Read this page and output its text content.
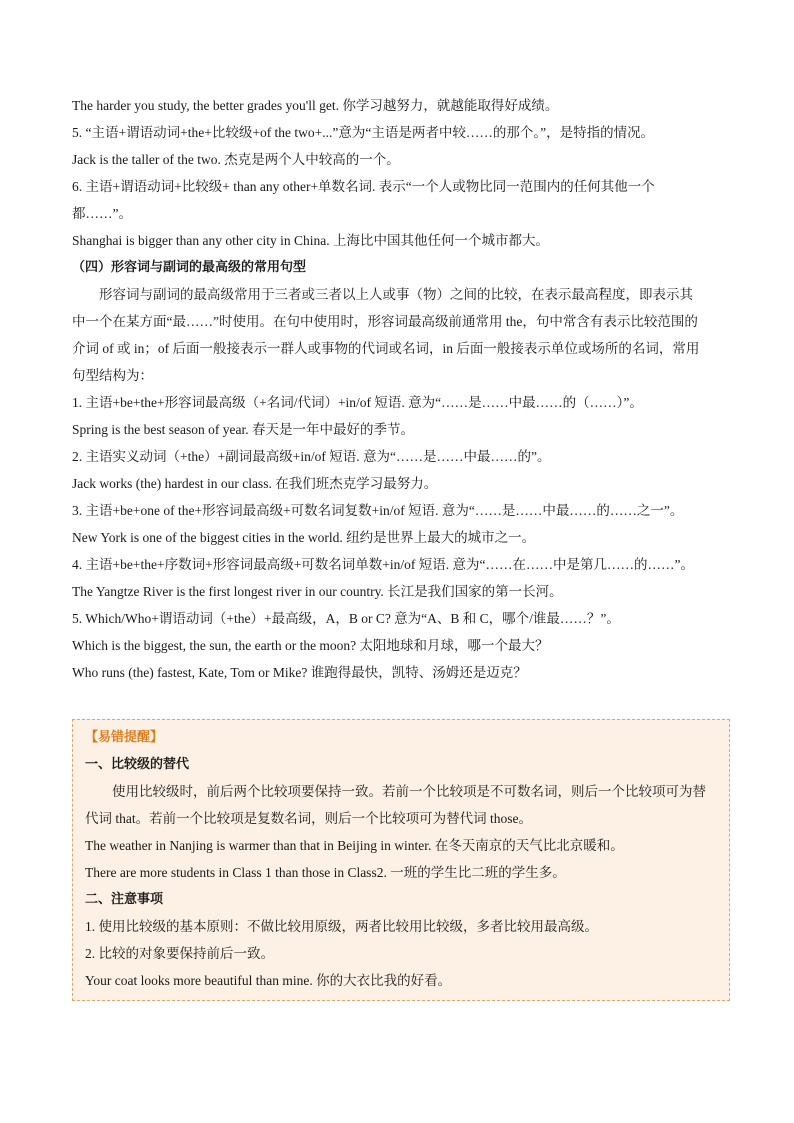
The harder you study, the better grades you'll get. 你学习越努力，就越能取得好成绩。
5. “主语+谓语动词+the+比较级+of the two+...”意为“主语是两者中较……的那个。”，是特指的情况。
Jack is the taller of the two. 杰克是两个人中较高的一个。
6. 主语+谓语动词+比较级+ than any other+单数名词. 表示“一个人或物比同一范围内的任何其他一个
都……”。
Shanghai is bigger than any other city in China. 上海比中国其他任何一个城市都大。
（四）形容词与副词的最高级的常用句型
形容词与副词的最高级常用于三者或三者以上人或事（物）之间的比较，在表示最高程度，即表示其
中一个在某方面“最……”时使用。在句中使用时，形容词最高级前通常用 the，句中常含有表示比较范围的
介词 of 或 in；of 后面一般接表示一群人或事物的代词或名词，in 后面一般接表示单位或场所的名词，常用
句型结构为：
1. 主语+be+the+形容词最高级（+名词/代词）+in/of 短语. 意为“……是……中最……的（……）”。
Spring is the best season of year. 春天是一年中最好的季节。
2. 主语实义动词（+the）+副词最高级+in/of 短语. 意为“……是……中最……的”。
Jack works (the) hardest in our class. 在我们班杰克学习最努力。
3. 主语+be+one of the+形容词最高级+可数名词复数+in/of 短语. 意为“……是……中最……的……之一”。
New York is one of the biggest cities in the world. 纽约是世界上最大的城市之一。
4. 主语+be+the+序数词+形容词最高级+可数名词单数+in/of 短语. 意为“……在……中是第几……的……”。
The Yangtze River is the first longest river in our country. 长江是我们国家的第一长河。
5. Which/Who+谓语动词（+the）+最高级，A，B or C? 意为“A、B 和 C，哪个/谁最……？”。
Which is the biggest, the sun, the earth or the moon? 太阳地球和月球，哪一个最大？
Who runs (the) fastest, Kate, Tom or Mike? 谁跑得最快，凯特、汤姆还是迈克？
【易错提醒】
一、比较级的替代
使用比较级时，前后两个比较项要保持一致。若前一个比较项是不可数名词，则后一个比较项可为替
代词 that。若前一个比较项是复数名词，则后一个比较项可为替代词 those。
The weather in Nanjing is warmer than that in Beijing in winter. 在冬天南京的天气比北京暖和。
There are more students in Class 1 than those in Class2. 一班的学生比二班的学生多。
二、注意事项
1. 使用比较级的基本原则：不做比较用原级，两者比较用比较级，多者比较用最高级。
2. 比较的对象要保持前后一致。
Your coat looks more beautiful than mine. 你的大衣比我的好看。
